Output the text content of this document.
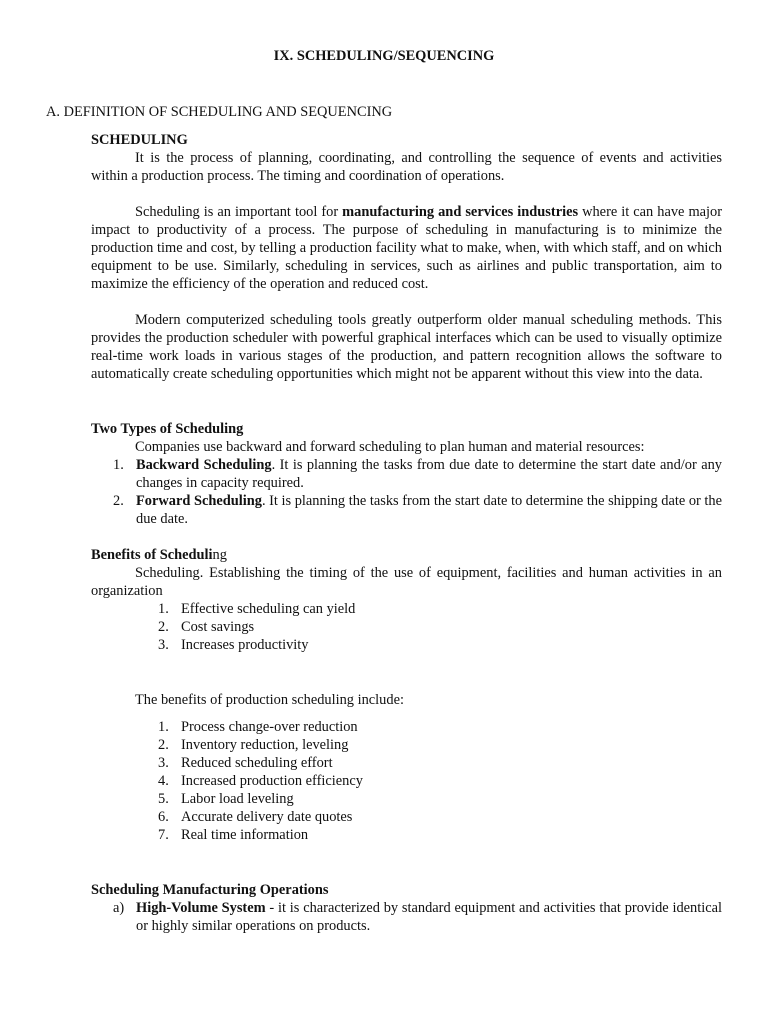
IX. SCHEDULING/SEQUENCING
A. DEFINITION OF SCHEDULING AND SEQUENCING

SCHEDULING

It is the process of planning, coordinating, and controlling the sequence of events and activities within a production process. The timing and coordination of operations.

Scheduling is an important tool for manufacturing and services industries where it can have major impact to productivity of a process. The purpose of scheduling in manufacturing is to minimize the production time and cost, by telling a production facility what to make, when, with which staff, and on which equipment to be use. Similarly, scheduling in services, such as airlines and public transportation, aim to maximize the efficiency of the operation and reduced cost.

Modern computerized scheduling tools greatly outperform older manual scheduling methods. This provides the production scheduler with powerful graphical interfaces which can be used to visually optimize real-time work loads in various stages of the production, and pattern recognition allows the software to automatically create scheduling opportunities which might not be apparent without this view into the data.

Two Types of Scheduling

Companies use backward and forward scheduling to plan human and material resources:

1. Backward Scheduling. It is planning the tasks from due date to determine the start date and/or any changes in capacity required.
2. Forward Scheduling. It is planning the tasks from the start date to determine the shipping date or the due date.

Benefits of Scheduling

Scheduling. Establishing the timing of the use of equipment, facilities and human activities in an organization

1. Effective scheduling can yield
2. Cost savings
3. Increases productivity

The benefits of production scheduling include:

1. Process change-over reduction
2. Inventory reduction, leveling
3. Reduced scheduling effort
4. Increased production efficiency
5. Labor load leveling
6. Accurate delivery date quotes
7. Real time information

Scheduling Manufacturing Operations

a) High-Volume System - it is characterized by standard equipment and activities that provide identical or highly similar operations on products.
